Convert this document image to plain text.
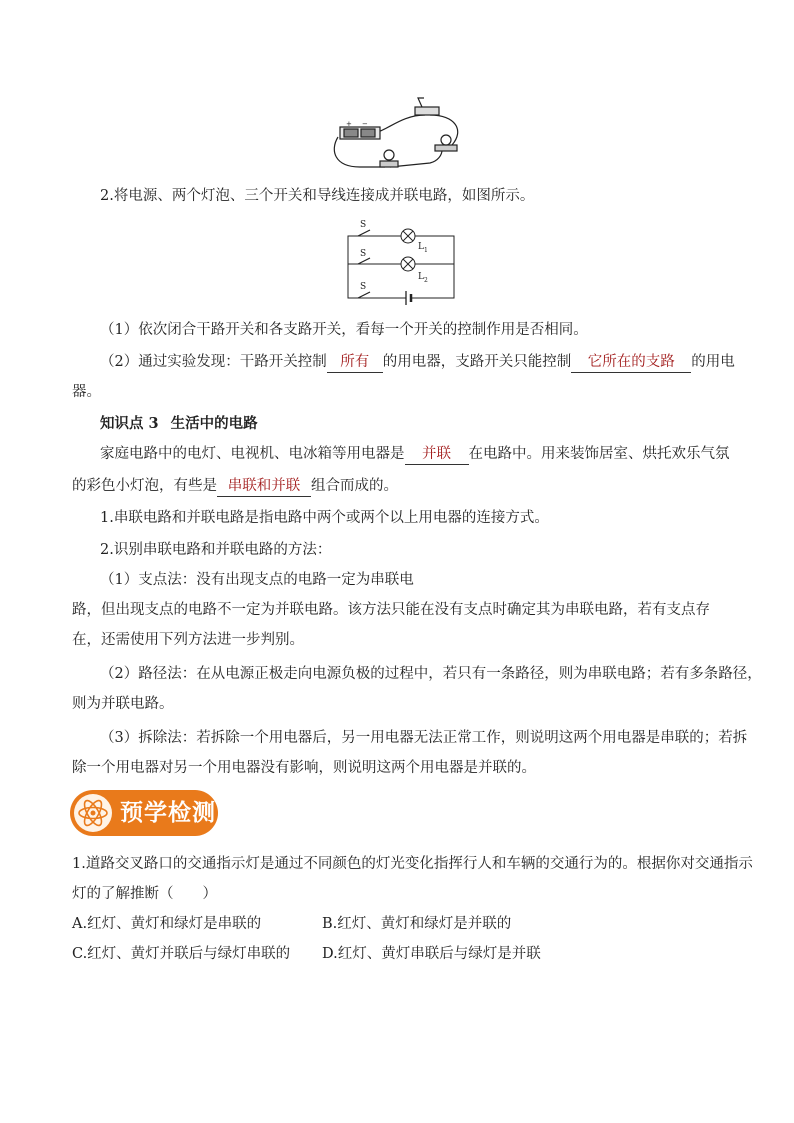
+ −
2.将电源、两个灯泡、三个开关和导线连接成并联电路，如图所示。
S
S
S
L 1
L 2
（1）依次闭合干路开关和各支路开关，看每一个开关的控制作用是否相同。
（2）通过实验发现：干路开关控制 所有 的用电器，支路开关只能控制 它所在的支路 的用电
器。
知识点 3 生活中的电路
家庭电路中的电灯、电视机、电冰箱等用电器是 并联 在电路中。用来装饰居室、烘托欢乐气氛
的彩色小灯泡，有些是 串联和并联 组合而成的。
1.串联电路和并联电路是指电路中两个或两个以上用电器的连接方式。
2.识别串联电路和并联电路的方法：
（1）支点法：没有出现支点的电路一定为串联电
路，但出现支点的电路不一定为并联电路。该方法只能在没有支点时确定其为串联电路，若有支点存
在，还需使用下列方法进一步判别。
（2）路径法：在从电源正极走向电源负极的过程中，若只有一条路径，则为串联电路；若有多条路径，
则为并联电路。
（3）拆除法：若拆除一个用电器后，另一用电器无法正常工作，则说明这两个用电器是串联的；若拆
除一个用电器对另一个用电器没有影响，则说明这两个用电器是并联的。
预学检测
1.道路交叉路口的交通指示灯是通过不同颜色的灯光变化指挥行人和车辆的交通行为的。根据你对交通指示
灯的了解推断（　　）
A.红灯、黄灯和绿灯是串联的	B.红灯、黄灯和绿灯是并联的
C.红灯、黄灯并联后与绿灯串联的 D.红灯、黄灯串联后与绿灯是并联
